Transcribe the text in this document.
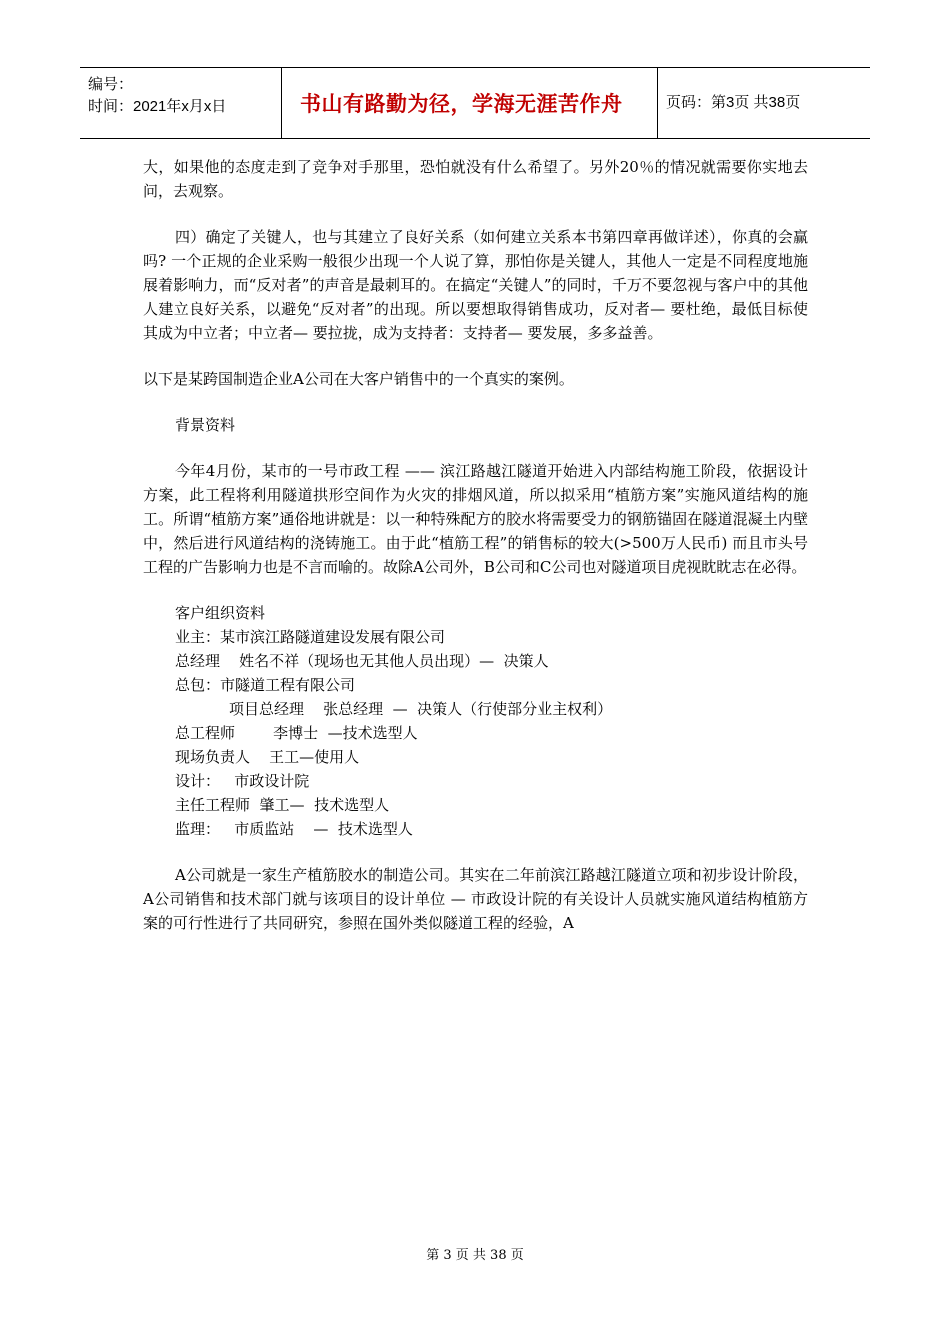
编号：
时间：2021年x月x日	书山有路勤为径，学海无涯苦作舟	页码：第3页 共38页

大，如果他的态度走到了竞争对手那里，恐怕就没有什么希望了。另外20％的情况就需要你实地去问，去观察。

四）确定了关键人，也与其建立了良好关系（如何建立关系本书第四章再做详述），你真的会赢吗? 一个正规的企业采购一般很少出现一个人说了算，那怕你是关键人，其他人一定是不同程度地施展着影响力，而“反对者”的声音是最刺耳的。在搞定“关键人”的同时，千万不要忽视与客户中的其他人建立良好关系，以避免“反对者”的出现。所以要想取得销售成功，反对者— 要杜绝，最低目标使其成为中立者；中立者— 要拉拢，成为支持者：支持者— 要发展，多多益善。

以下是某跨国制造企业A公司在大客户销售中的一个真实的案例。

背景资料

今年4月份，某市的一号市政工程 —— 滨江路越江隧道开始进入内部结构施工阶段，依据设计方案，此工程将利用隧道拱形空间作为火灾的排烟风道，所以拟采用“植筋方案”实施风道结构的施工。所谓“植筋方案”通俗地讲就是：以一种特殊配方的胶水将需要受力的钢筋锚固在隧道混凝土内壁中，然后进行风道结构的浇铸施工。由于此“植筋工程”的销售标的较大(>500万人民币) 而且市头号工程的广告影响力也是不言而喻的。故除A公司外，B公司和C公司也对隧道项目虎视眈眈志在必得。

客户组织资料

业主：某市滨江路隧道建设发展有限公司

总经理    姓名不祥（现场也无其他人员出现）—  决策人

总包：市隧道工程有限公司

项目总经理    张总经理  —  决策人（行使部分业主权利）

总工程师        李博士  —技术选型人

现场负责人    王工—使用人

设计：   市政设计院

主任工程师  肇工—  技术选型人

监理：   市质监站    —  技术选型人

A公司就是一家生产植筋胶水的制造公司。其实在二年前滨江路越江隧道立项和初步设计阶段，A公司销售和技术部门就与该项目的设计单位 — 市政设计院的有关设计人员就实施风道结构植筋方案的可行性进行了共同研究，参照在国外类似隧道工程的经验，A

第 3 页 共 38 页
